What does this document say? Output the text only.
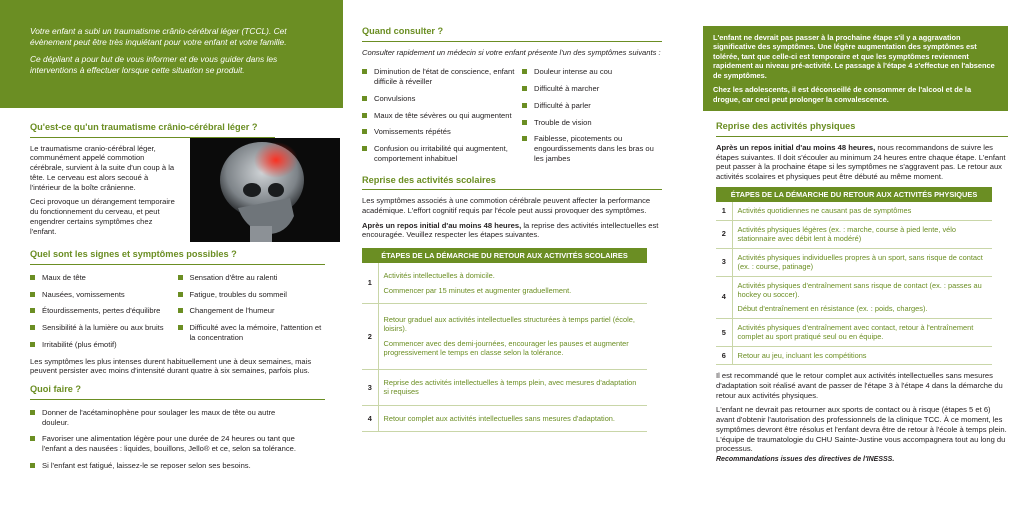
Votre enfant a subi un traumatisme crânio-cérébral léger (TCCL). Cet évènement peut être très inquiétant pour votre enfant et votre famille.

Ce dépliant a pour but de vous informer et de vous guider dans les interventions à effectuer lorsque cette situation se produit.

Qu'est-ce qu'un traumatisme crânio-cérébral léger ?

Le traumatisme cranio-cérébral léger, communément appelé commotion cérébrale, survient à la suite d'un coup à la tête. Le cerveau est alors secoué à l'intérieur de la boîte crânienne.

Ceci provoque un dérangement temporaire du fonctionnement du cerveau, et peut engendrer certains symptômes chez l'enfant.

Quel sont les signes et symptômes possibles ?
Maux de tête
Nausées, vomissements
Étourdissements, pertes d'équilibre
Sensibilité à la lumière ou aux bruits
Irritabilité (plus émotif)
Sensation d'être au ralenti
Fatigue, troubles du sommeil
Changement de l'humeur
Difficulté avec la mémoire, l'attention et la concentration

Les symptômes les plus intenses durent habituellement une à deux semaines, mais peuvent persister avec moins d'intensité durant quatre à six semaines, parfois plus.

Quoi faire ?
Donner de l'acétaminophène pour soulager les maux de tête ou autre douleur.
Favoriser une alimentation légère pour une durée de 24 heures ou tant que l'enfant a des nausées : liquides, bouillons, Jello® et ce, selon sa tolérance.
Si l'enfant est fatigué, laissez-le se reposer selon ses besoins.
Quand consulter ?

Consulter rapidement un médecin si votre enfant présente l'un des symptômes suivants :

Diminution de l'état de conscience, enfant difficile à réveiller
Convulsions
Maux de tête sévères ou qui augmentent
Vomissements répétés
Confusion ou irritabilité qui augmentent, comportement inhabituel
Douleur intense au cou
Difficulté à marcher
Difficulté à parler
Trouble de vision
Faiblesse, picotements ou engourdissements dans les bras ou les jambes
Reprise des activités scolaires

Les symptômes associés à une commotion cérébrale peuvent affecter la performance académique. L'effort cognitif requis par l'école peut aussi provoquer des symptômes.

Après un repos initial d'au moins 48 heures, la reprise des activités intellectuelles est encouragée. Veuillez respecter les étapes suivantes.

ÉTAPES DE LA DÉMARCHE DU RETOUR AUX ACTIVITÉS SCOLAIRES	
1	Activités intellectuelles à domicile.
Commencer par 15 minutes et augmenter graduellement.

2	Retour graduel aux activités intellectuelles structurées à temps partiel (école, loisirs).
Commencer avec des demi-journées, encourager les pauses et augmenter progressivement le temps en classe selon la tolérance.

3	Reprise des activités intellectuelles à temps plein, avec mesures d'adaptation si requises

4	Retour complet aux activités intellectuelles sans mesures d'adaptation.

L'enfant ne devrait pas passer à la prochaine étape s'il y a aggravation significative des symptômes. Une légère augmentation des symptômes est tolérée, tant que celle-ci est temporaire et que les symptômes reviennent rapidement au niveau pré-activité. Le passage à l'étape 4 s'effectue en l'absence de symptômes.

Chez les adolescents, il est déconseillé de consommer de l'alcool et de la drogue, car ceci peut prolonger la convalescence.

Reprise des activités physiques

Après un repos initial d'au moins 48 heures, nous recommandons de suivre les étapes suivantes. Il doit s'écouler au minimum 24 heures entre chaque étape. L'enfant peut passer à la prochaine étape si les symptômes ne s'aggravent pas. Le retour aux activités scolaires et physiques peut être débuté au même moment.

ÉTAPES DE LA DÉMARCHE DU RETOUR AUX ACTIVITÉS PHYSIQUES	
1	Activités quotidiennes ne causant pas de symptômes

2	Activités physiques légères (ex. : marche, course à pied lente, vélo stationnaire avec débit lent à modéré)

3	Activités physiques individuelles propres à un sport, sans risque de contact (ex. : course, patinage)

4	Activités physiques d'entraînement sans risque de contact (ex. : passes au hockey ou soccer).
Début d'entraînement en résistance (ex. : poids, charges).

5	Activités physiques d'entraînement avec contact, retour à l'entraînement complet au sport pratiqué seul ou en équipe.

6	Retour au jeu, incluant les compétitions

Il est recommandé que le retour complet aux activités intellectuelles sans mesures d'adaptation soit réalisé avant de passer de l'étape 3 à l'étape 4 dans la démarche du retour aux activités physiques.

L'enfant ne devrait pas retourner aux sports de contact ou à risque (étapes 5 et 6) avant d'obtenir l'autorisation des professionnels de la clinique TCC. À ce moment, les symptômes devront être résolus et l'enfant devra être de retour à l'école à temps plein. L'équipe de traumatologie du CHU Sainte-Justine vous accompagnera tout au long du processus.

Recommandations issues des directives de l'INESSS.
